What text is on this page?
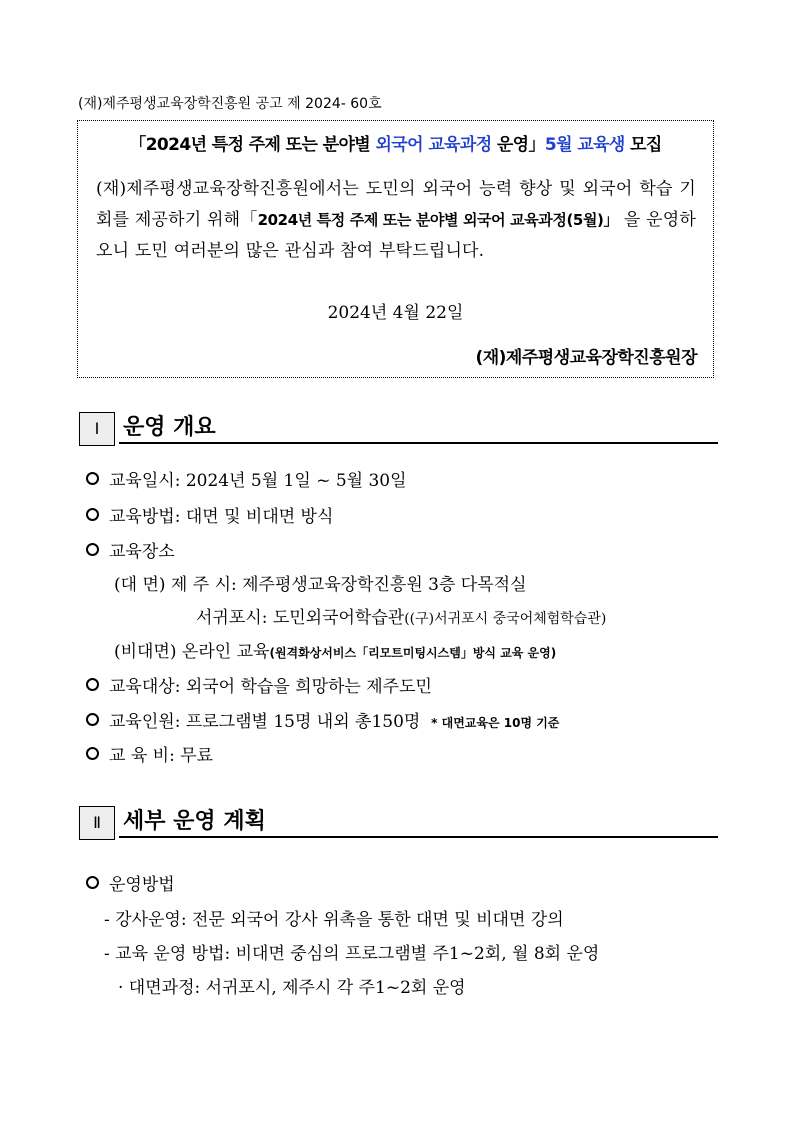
(재)제주평생교육장학진흥원 공고 제 2024- 60호
「2024년 특정 주제 또는 분야별 외국어 교육과정 운영」5월 교육생 모집
(재)제주평생교육장학진흥원에서는 도민의 외국어 능력 향상 및 외국어 학습 기회를 제공하기 위해「2024년 특정 주제 또는 분야별 외국어 교육과정(5월)」 을 운영하오니 도민 여러분의 많은 관심과 참여 부탁드립니다.
2024년 4월 22일
(재)제주평생교육장학진흥원장
Ⅰ	운영 개요
교육일시: 2024년 5월 1일 ~ 5월 30일
교육방법: 대면 및 비대면 방식
교육장소
(대 면) 제 주 시: 제주평생교육장학진흥원 3층 다목적실
서귀포시: 도민외국어학습관((구)서귀포시 중국어체험학습관)
(비대면) 온라인 교육(원격화상서비스「리모트미팅시스템」방식 교육 운영)
교육대상: 외국어 학습을 희망하는 제주도민
교육인원: 프로그램별 15명 내외 총150명 * 대면교육은 10명 기준
교 육 비: 무료
Ⅱ	세부 운영 계획
운영방법
- 강사운영: 전문 외국어 강사 위촉을 통한 대면 및 비대면 강의
- 교육 운영 방법: 비대면 중심의 프로그램별 주1~2회, 월 8회 운영
· 대면과정: 서귀포시, 제주시 각 주1~2회 운영
